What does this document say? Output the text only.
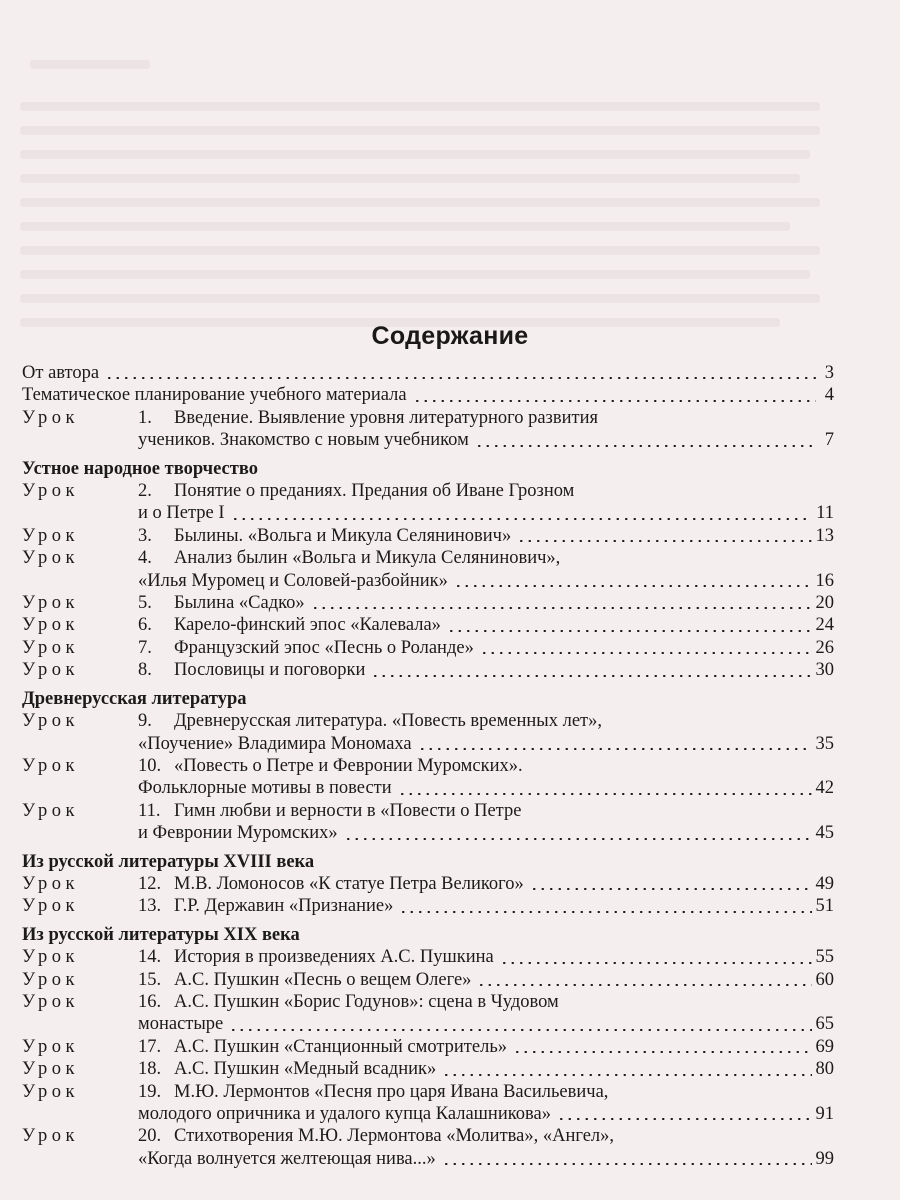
Содержание
От автора	3
Тематическое планирование учебного материала	4
Урок	1.	Введение. Выявление уровня литературного развития
учеников. Знакомство с новым учебником	7
Устное народное творчество
Урок	2.	Понятие о преданиях. Предания об Иване Грозном
и о Петре I	11
Урок	3.	Былины. «Вольга и Микула Селянинович»	13
Урок	4.	Анализ былин «Вольга и Микула Селянинович»,
«Илья Муромец и Соловей-разбойник»	16
Урок	5.	Былина «Садко»	20
Урок	6.	Карело-финский эпос «Калевала»	24
Урок	7.	Французский эпос «Песнь о Роланде»	26
Урок	8.	Пословицы и поговорки	30
Древнерусская литература
Урок	9.	Древнерусская литература. «Повесть временных лет»,
«Поучение» Владимира Мономаха	35
Урок	10. «Повесть о Петре и Февронии Муромских».
Фольклорные мотивы в повести	42
Урок	11. Гимн любви и верности в «Повести о Петре
и Февронии Муромских»	45
Из русской литературы XVIII века
Урок	12. М.В. Ломоносов «К статуе Петра Великого»	49
Урок	13. Г.Р. Державин «Признание»	51
Из русской литературы XIX века
Урок	14. История в произведениях А.С. Пушкина	55
Урок	15. А.С. Пушкин «Песнь о вещем Олеге»	60
Урок	16. А.С. Пушкин «Борис Годунов»: сцена в Чудовом
монастыре	65
Урок	17. А.С. Пушкин «Станционный смотритель»	69
Урок	18. А.С. Пушкин «Медный всадник»	80
Урок	19. М.Ю. Лермонтов «Песня про царя Ивана Васильевича,
молодого опричника и удалого купца Калашникова»	91
Урок	20. Стихотворения М.Ю. Лермонтова «Молитва», «Ангел»,
«Когда волнуется желтеющая нива...»	99
